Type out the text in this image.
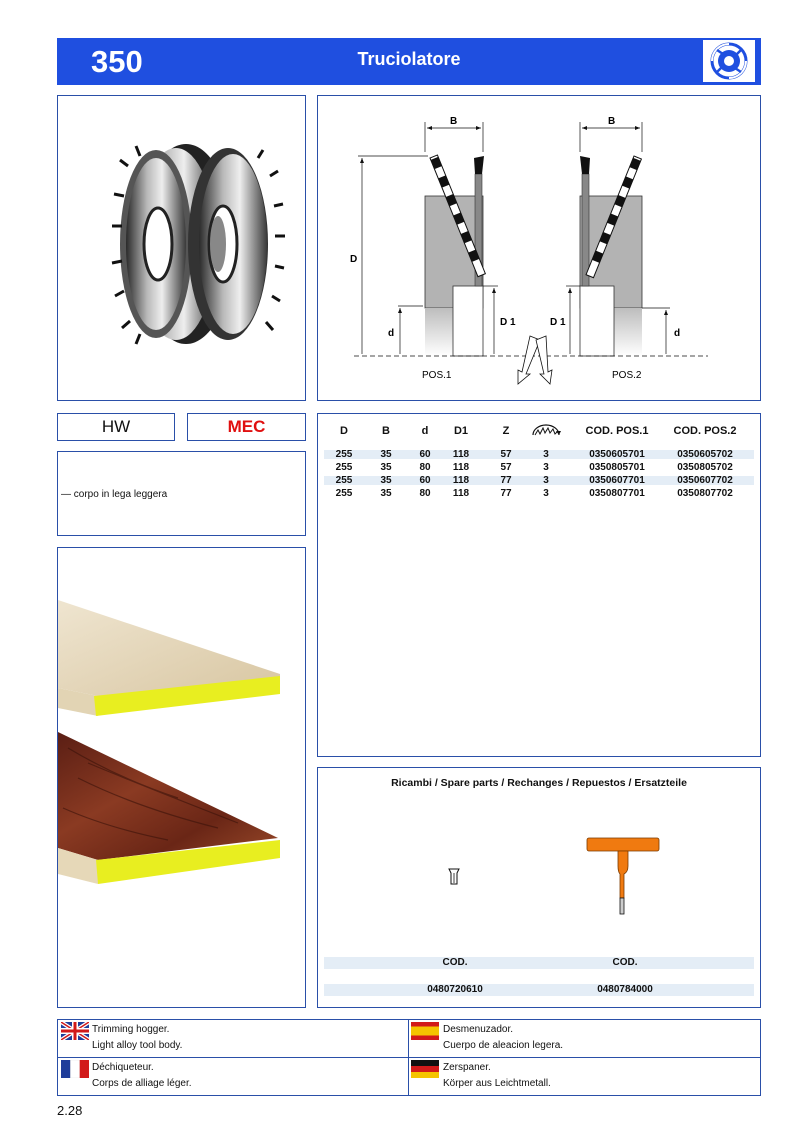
350	Truciolatore
B	B
D
d
D 1	D 1
d
POS.1	POS.2
HW	MEC
— corpo in lega leggera
D	B	d D1	Z	COD. POS.1 COD. POS.2
255	35	60 118	57	3	0350605701	0350605702
255	35	80 118	57	3	0350805701	0350805702
255	35	60 118	77	3	0350607701	0350607702
255	35	80 118	77	3	0350807701	0350807702
Ricambi / Spare parts / Rechanges / Repuestos / Ersatzteile
COD.	COD.
0480720610	0480784000
Trimming hogger.
Light alloy tool body.
Desmenuzador.
Cuerpo de aleacion legera.
Déchiqueteur.
Corps de alliage léger.
Zerspaner.
Körper aus Leichtmetall.
2.28
